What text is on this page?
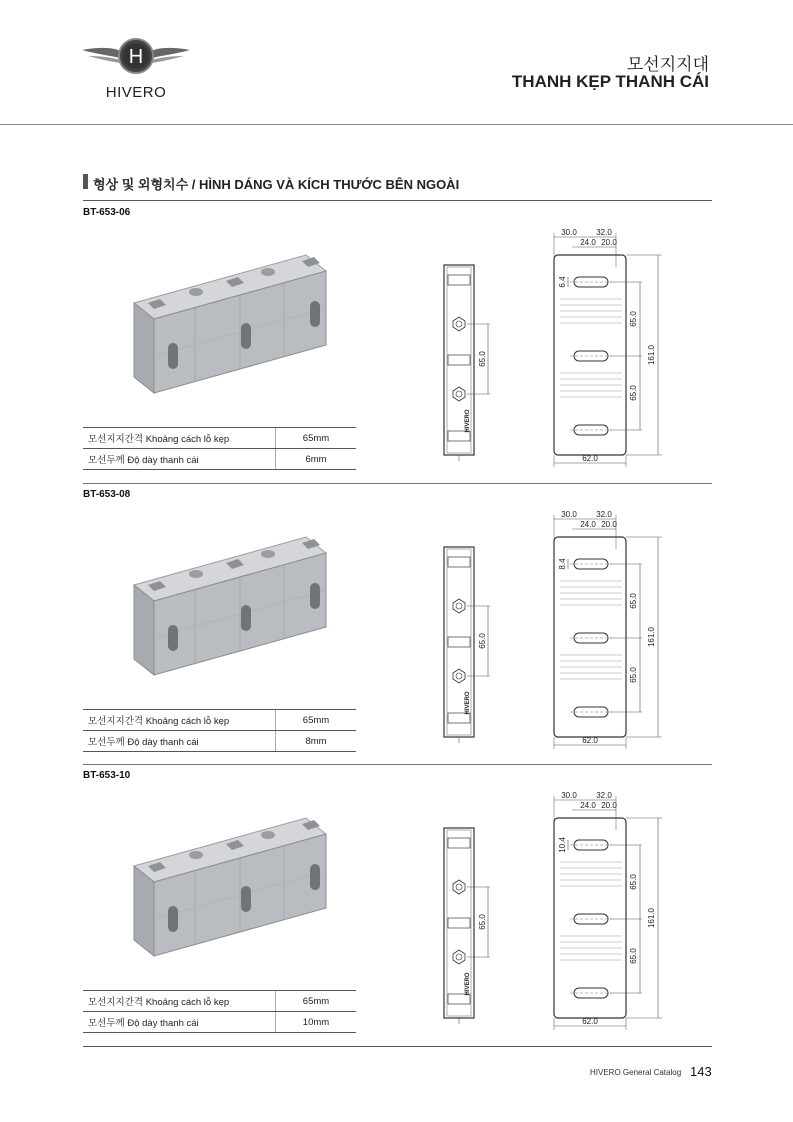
H
HIVERO
모선지지대
THANH KẸP THANH CÁI
형상 및 외형치수 / HÌNH DÁNG VÀ KÍCH THƯỚC BÊN NGOÀI
BT-653-06
모선지지간격 Khoảng cách lỗ kẹp	65mm
모선두께 Độ dày thanh cái	6mm
65.0
HIVERO
30.0 32.0
24.0 20.0
6.4
65.0
65.0
161.0
62.0
BT-653-08
모선지지간격 Khoảng cách lỗ kẹp	65mm
모선두께 Độ dày thanh cái	8mm
65.0
HIVERO
30.0 32.0
24.0 20.0
8.4
65.0
65.0
161.0
62.0
BT-653-10
모선지지간격 Khoảng cách lỗ kẹp	65mm
모선두께 Độ dày thanh cái	10mm
65.0
HIVERO
30.0 32.0
24.0 20.0
10.4
65.0
65.0
161.0
62.0
HIVERO General Catalog 143
